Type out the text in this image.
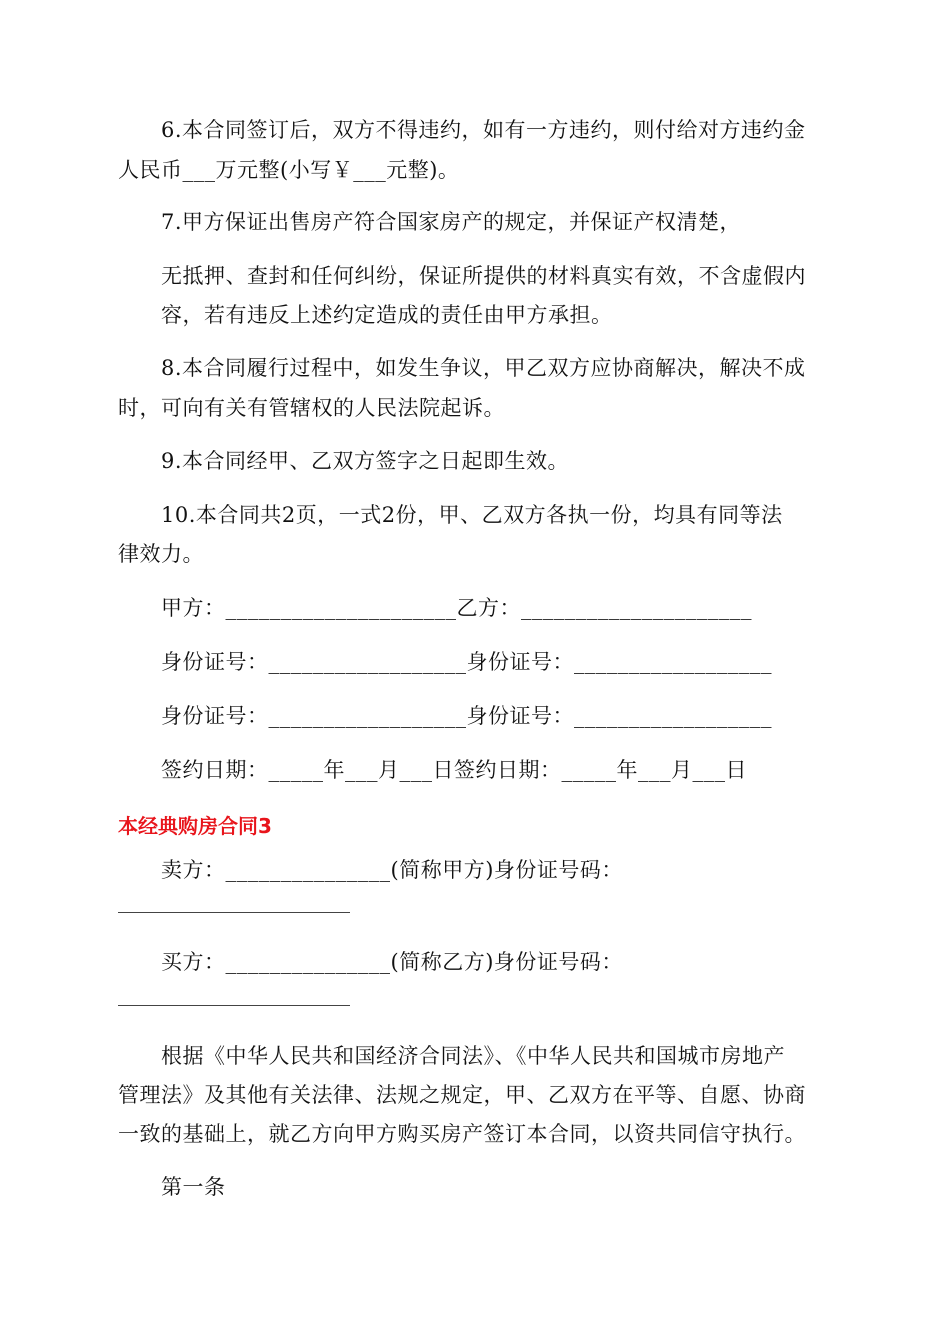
6.本合同签订后，双方不得违约，如有一方违约，则付给对方违约金
人民币___万元整(小写￥___元整)。
7.甲方保证出售房产符合国家房产的规定，并保证产权清楚，
无抵押、查封和任何纠纷，保证所提供的材料真实有效，不含虚假内
容，若有违反上述约定造成的责任由甲方承担。
8.本合同履行过程中，如发生争议，甲乙双方应协商解决，解决不成
时，可向有关有管辖权的人民法院起诉。
9.本合同经甲、乙双方签字之日起即生效。
10.本合同共2页，一式2份，甲、乙双方各执一份，均具有同等法
律效力。
甲方：_____________________乙方：_____________________
身份证号：__________________身份证号：__________________
身份证号：__________________身份证号：__________________
签约日期：_____年___月___日签约日期：_____年___月___日
本经典购房合同3
卖方：_______________(简称甲方)身份证号码：
买方：_______________(简称乙方)身份证号码：
根据《中华人民共和国经济合同法》、《中华人民共和国城市房地产
管理法》及其他有关法律、法规之规定，甲、乙双方在平等、自愿、协商
一致的基础上，就乙方向甲方购买房产签订本合同，以资共同信守执行。
第一条
